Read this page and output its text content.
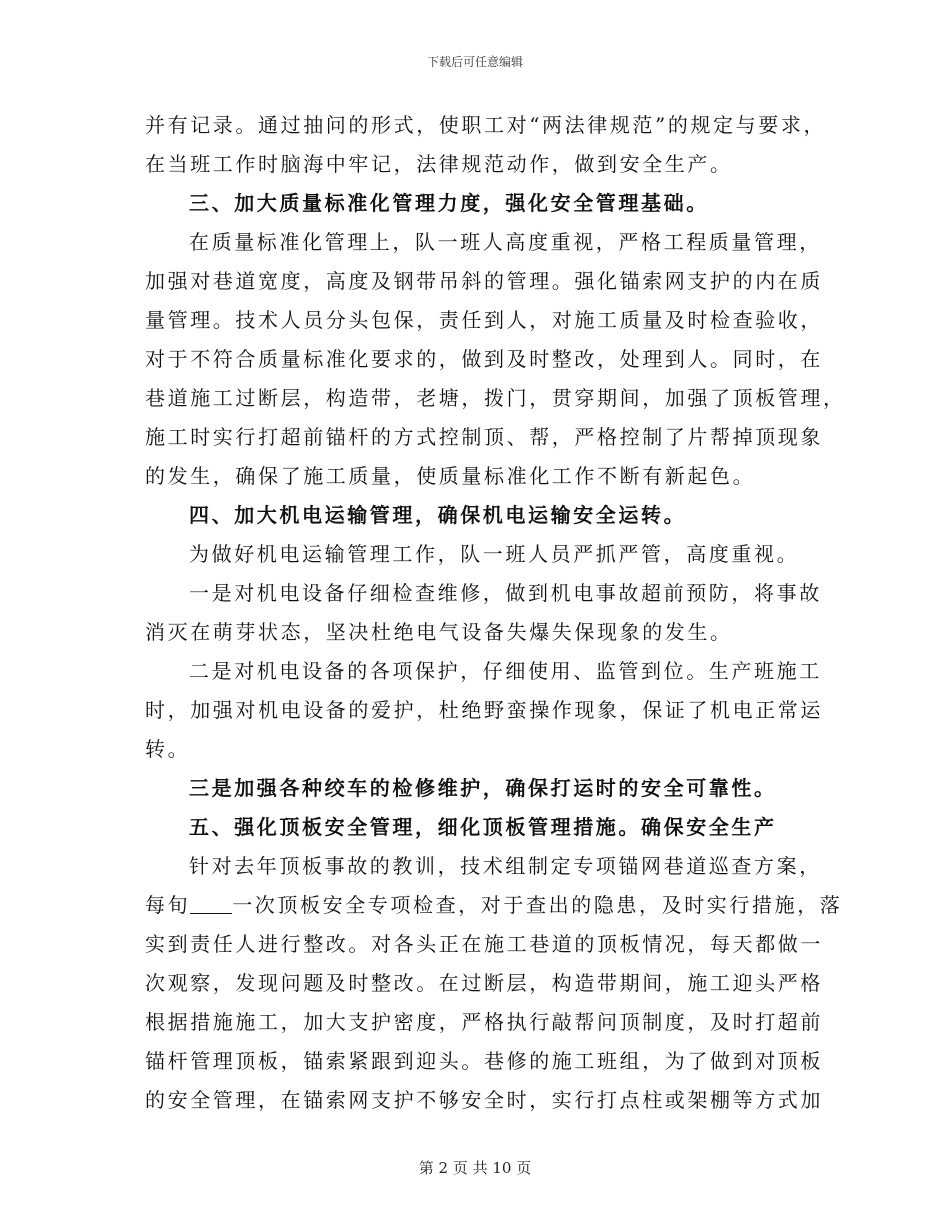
下载后可任意编辑
并有记录。通过抽问的形式，使职工对“两法律规范”的规定与要求，
在当班工作时脑海中牢记，法律规范动作，做到安全生产。
三、加大质量标准化管理力度，强化安全管理基础。
在质量标准化管理上，队一班人高度重视，严格工程质量管理，
加强对巷道宽度，高度及钢带吊斜的管理。强化锚索网支护的内在质
量管理。技术人员分头包保，责任到人，对施工质量及时检查验收，
对于不符合质量标准化要求的，做到及时整改，处理到人。同时，在
巷道施工过断层，构造带，老塘，拨门，贯穿期间，加强了顶板管理，
施工时实行打超前锚杆的方式控制顶、帮，严格控制了片帮掉顶现象
的发生，确保了施工质量，使质量标准化工作不断有新起色。
四、加大机电运输管理，确保机电运输安全运转。
为做好机电运输管理工作，队一班人员严抓严管，高度重视。
一是对机电设备仔细检查维修，做到机电事故超前预防，将事故
消灭在萌芽状态，坚决杜绝电气设备失爆失保现象的发生。
二是对机电设备的各项保护，仔细使用、监管到位。生产班施工
时，加强对机电设备的爱护，杜绝野蛮操作现象，保证了机电正常运
转。
三是加强各种绞车的检修维护，确保打运时的安全可靠性。
五、强化顶板安全管理，细化顶板管理措施。确保安全生产
针对去年顶板事故的教训，技术组制定专项锚网巷道巡查方案，
每旬 一次顶板安全专项检查，对于查出的隐患，及时实行措施，落
实到责任人进行整改。对各头正在施工巷道的顶板情况，每天都做一
次观察，发现问题及时整改。在过断层，构造带期间，施工迎头严格
根据措施施工，加大支护密度，严格执行敲帮问顶制度，及时打超前
锚杆管理顶板，锚索紧跟到迎头。巷修的施工班组，为了做到对顶板
的安全管理，在锚索网支护不够安全时，实行打点柱或架棚等方式加
第 2 页 共 10 页
